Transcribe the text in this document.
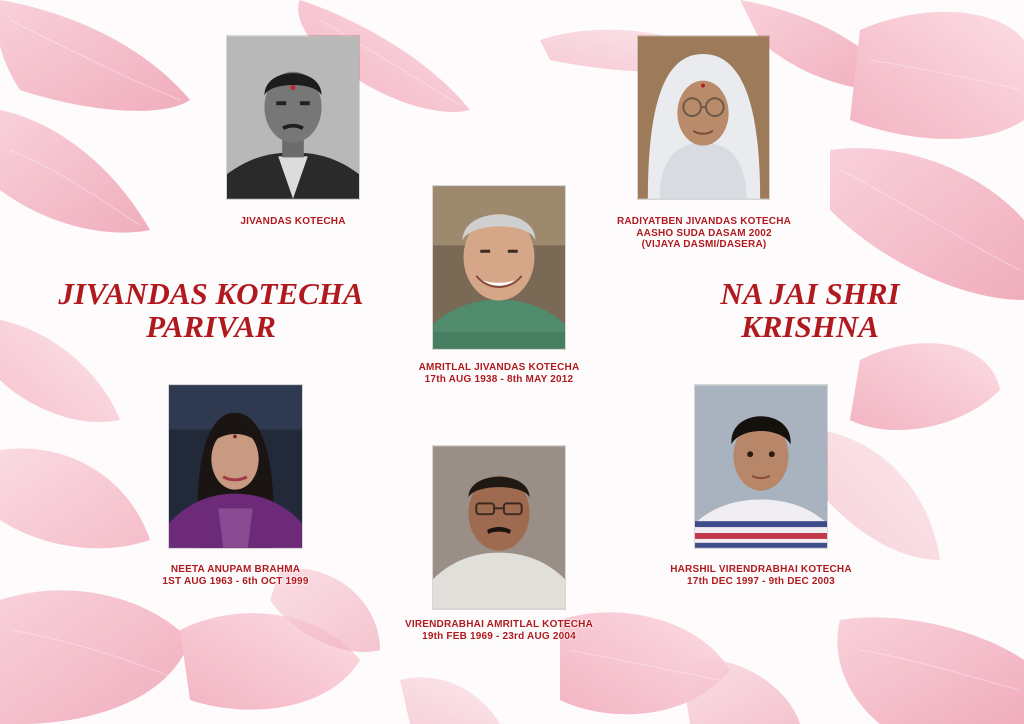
JIVANDAS KOTECHA
PARIVAR
NA JAI SHRI
KRISHNA
JIVANDAS KOTECHA	RADIYATBEN JIVANDAS KOTECHA
AASHO SUDA DASAM 2002
(VIJAYA DASMI/DASERA)
AMRITLAL JIVANDAS KOTECHA
17th AUG 1938 - 8th MAY 2012
NEETA ANUPAM BRAHMA
1ST AUG 1963 - 6th OCT 1999
VIRENDRABHAI AMRITLAL KOTECHA
19th FEB 1969 - 23rd AUG 2004
HARSHIL VIRENDRABHAI KOTECHA
17th DEC 1997 - 9th DEC 2003
